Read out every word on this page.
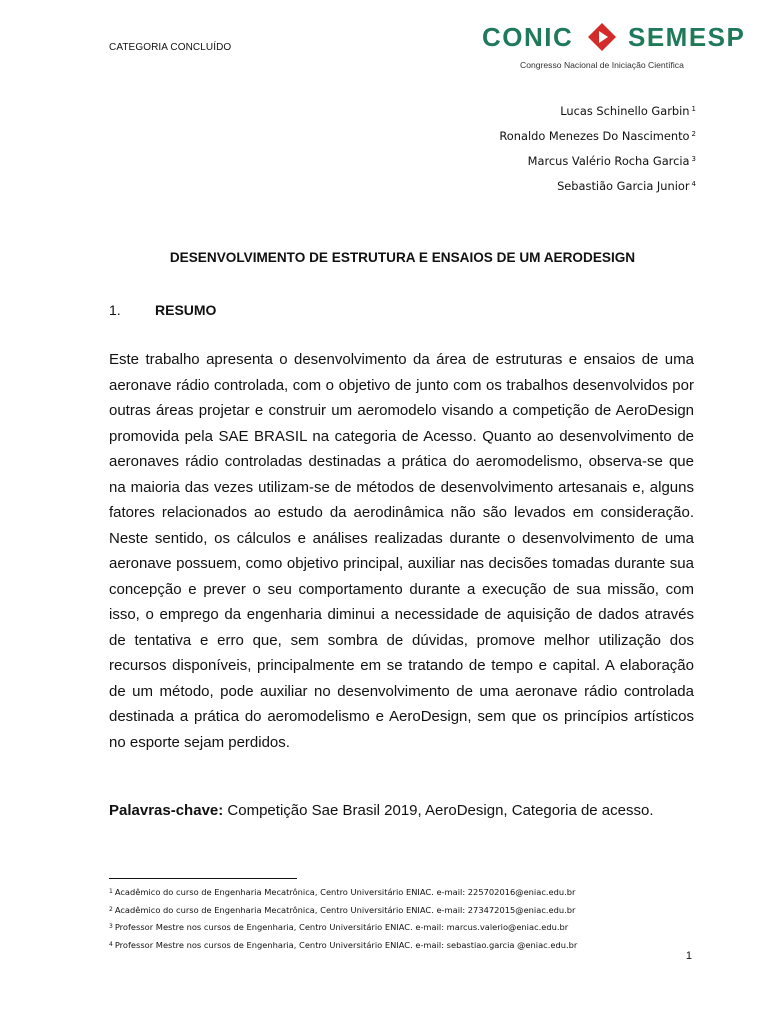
CATEGORIA CONCLUÍDO	CONIC SEMESP
Congresso Nacional de Iniciação Científica
Lucas Schinello Garbin $^1$
Ronaldo Menezes Do Nascimento $^2$
Marcus Valério Rocha Garcia $^3$
Sebastião Garcia Junior $^4$
DESENVOLVIMENTO DE ESTRUTURA E ENSAIOS DE UM AERODESIGN
1. RESUMO

Este trabalho apresenta o desenvolvimento da área de estruturas e ensaios de uma aeronave rádio controlada, com o objetivo de junto com os trabalhos desenvolvidos por outras áreas projetar e construir um aeromodelo visando a competição de AeroDesign promovida pela SAE BRASIL na categoria de Acesso. Quanto ao desenvolvimento de aeronaves rádio controladas destinadas a prática do aeromodelismo, observa-se que na maioria das vezes utilizam-se de métodos de desenvolvimento artesanais e, alguns fatores relacionados ao estudo da aerodinâmica não são levados em consideração. Neste sentido, os cálculos e análises realizadas durante o desenvolvimento de uma aeronave possuem, como objetivo principal, auxiliar nas decisões tomadas durante sua concepção e prever o seu comportamento durante a execução de sua missão, com isso, o emprego da engenharia diminui a necessidade de aquisição de dados através de tentativa e erro que, sem sombra de dúvidas, promove melhor utilização dos recursos disponíveis, principalmente em se tratando de tempo e capital. A elaboração de um método, pode auxiliar no desenvolvimento de uma aeronave rádio controlada destinada a prática do aeromodelismo e AeroDesign, sem que os princípios artísticos no esporte sejam perdidos.

Palavras-chave: Competição Sae Brasil 2019, AeroDesign, Categoria de acesso.
$^1$ Acadêmico do curso de Engenharia Mecatrônica, Centro Universitário ENIAC. e-mail: 225702016@eniac.edu.br
$^2$ Acadêmico do curso de Engenharia Mecatrônica, Centro Universitário ENIAC. e-mail: 273472015@eniac.edu.br
$^3$ Professor Mestre nos cursos de Engenharia, Centro Universitário ENIAC. e-mail: marcus.valerio@eniac.edu.br
$^4$ Professor Mestre nos cursos de Engenharia, Centro Universitário ENIAC. e-mail: sebastiao.garcia @eniac.edu.br
1
